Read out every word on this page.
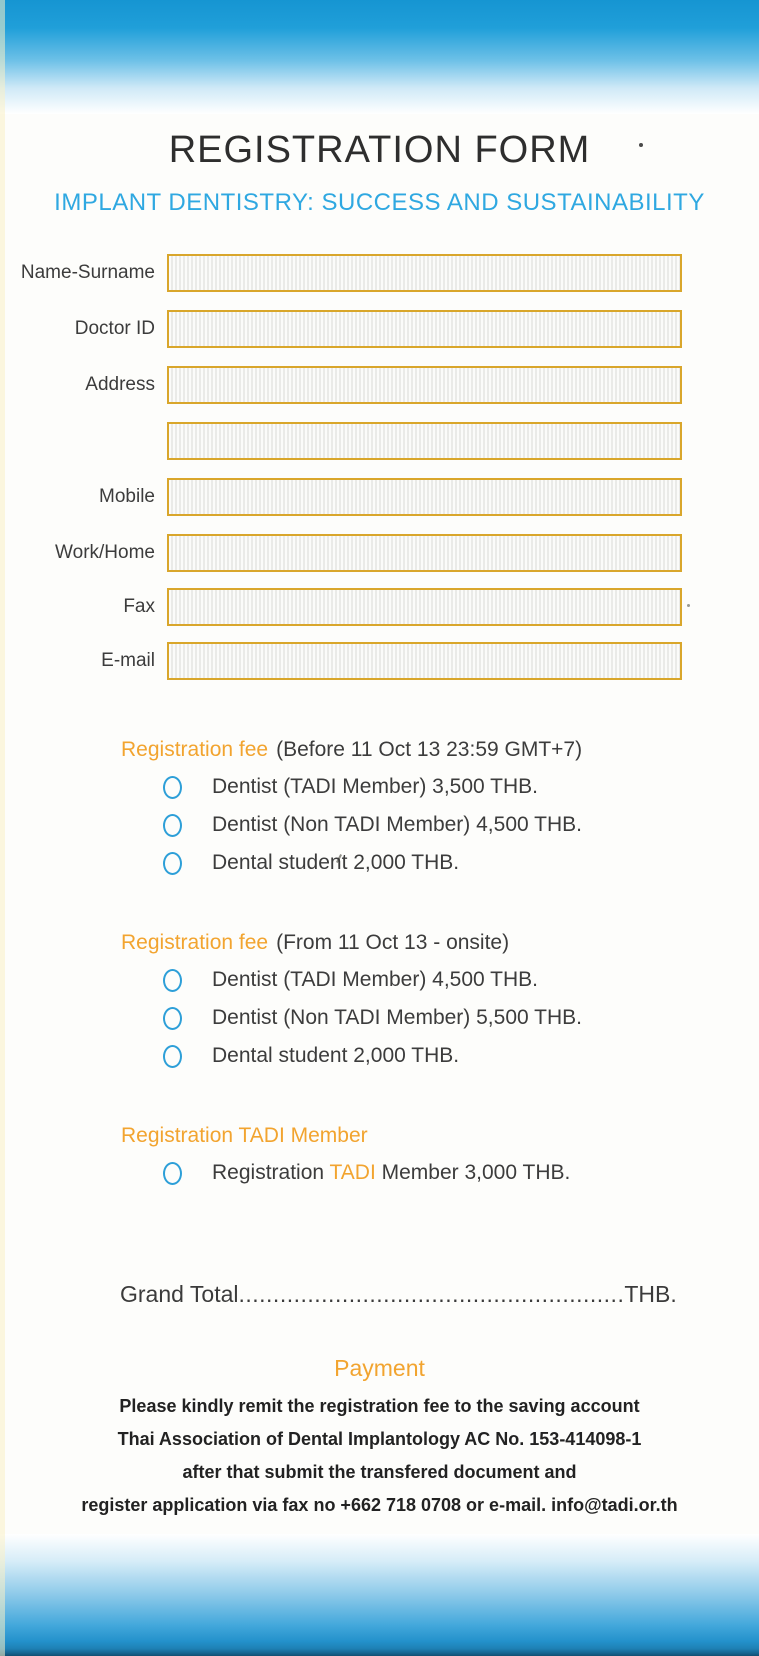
REGISTRATION FORM
IMPLANT DENTISTRY: SUCCESS AND SUSTAINABILITY
Name-Surname
Doctor ID
Address
Mobile
Work/Home
Fax
E-mail
Registration fee (Before 11 Oct 13 23:59 GMT+7)
Dentist (TADI Member) 3,500 THB.
Dentist (Non TADI Member) 4,500 THB.
Dental student 2,000 THB.
Registration fee (From 11 Oct 13 - onsite)
Dentist (TADI Member) 4,500 THB.
Dentist (Non TADI Member) 5,500 THB.
Dental student 2,000 THB.
Registration TADI Member
Registration TADI Member 3,000 THB.
Grand Total........................................................THB.
Payment
Please kindly remit the registration fee to the saving account
Thai Association of Dental Implantology AC No. 153-414098-1
after that submit the transfered document and
register application via fax no +662 718 0708 or e-mail. info@tadi.or.th
